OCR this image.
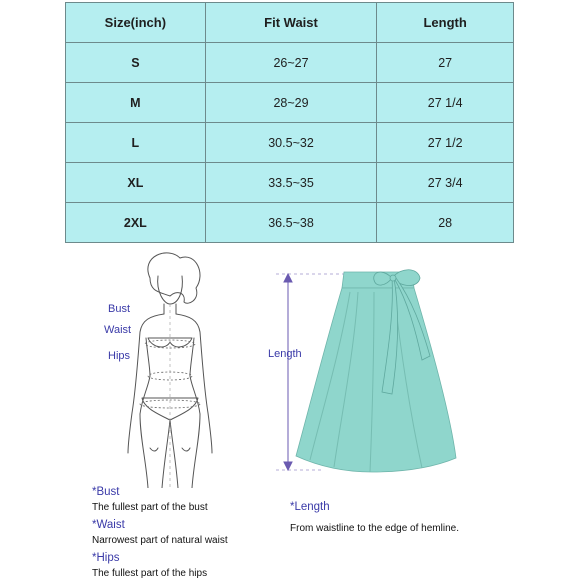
Size(inch)	Fit Waist	Length
S	26~27	27
M	28~29	27 1/4
L	30.5~32	27 1/2
XL	33.5~35	27 3/4
2XL	36.5~38	28
Bust
Waist
Hips	Length
*Bust
The fullest part of the bust
*Waist
Narrowest part of natural waist
*Hips
The fullest part of the hips
*Length
From waistline to the edge of hemline.
